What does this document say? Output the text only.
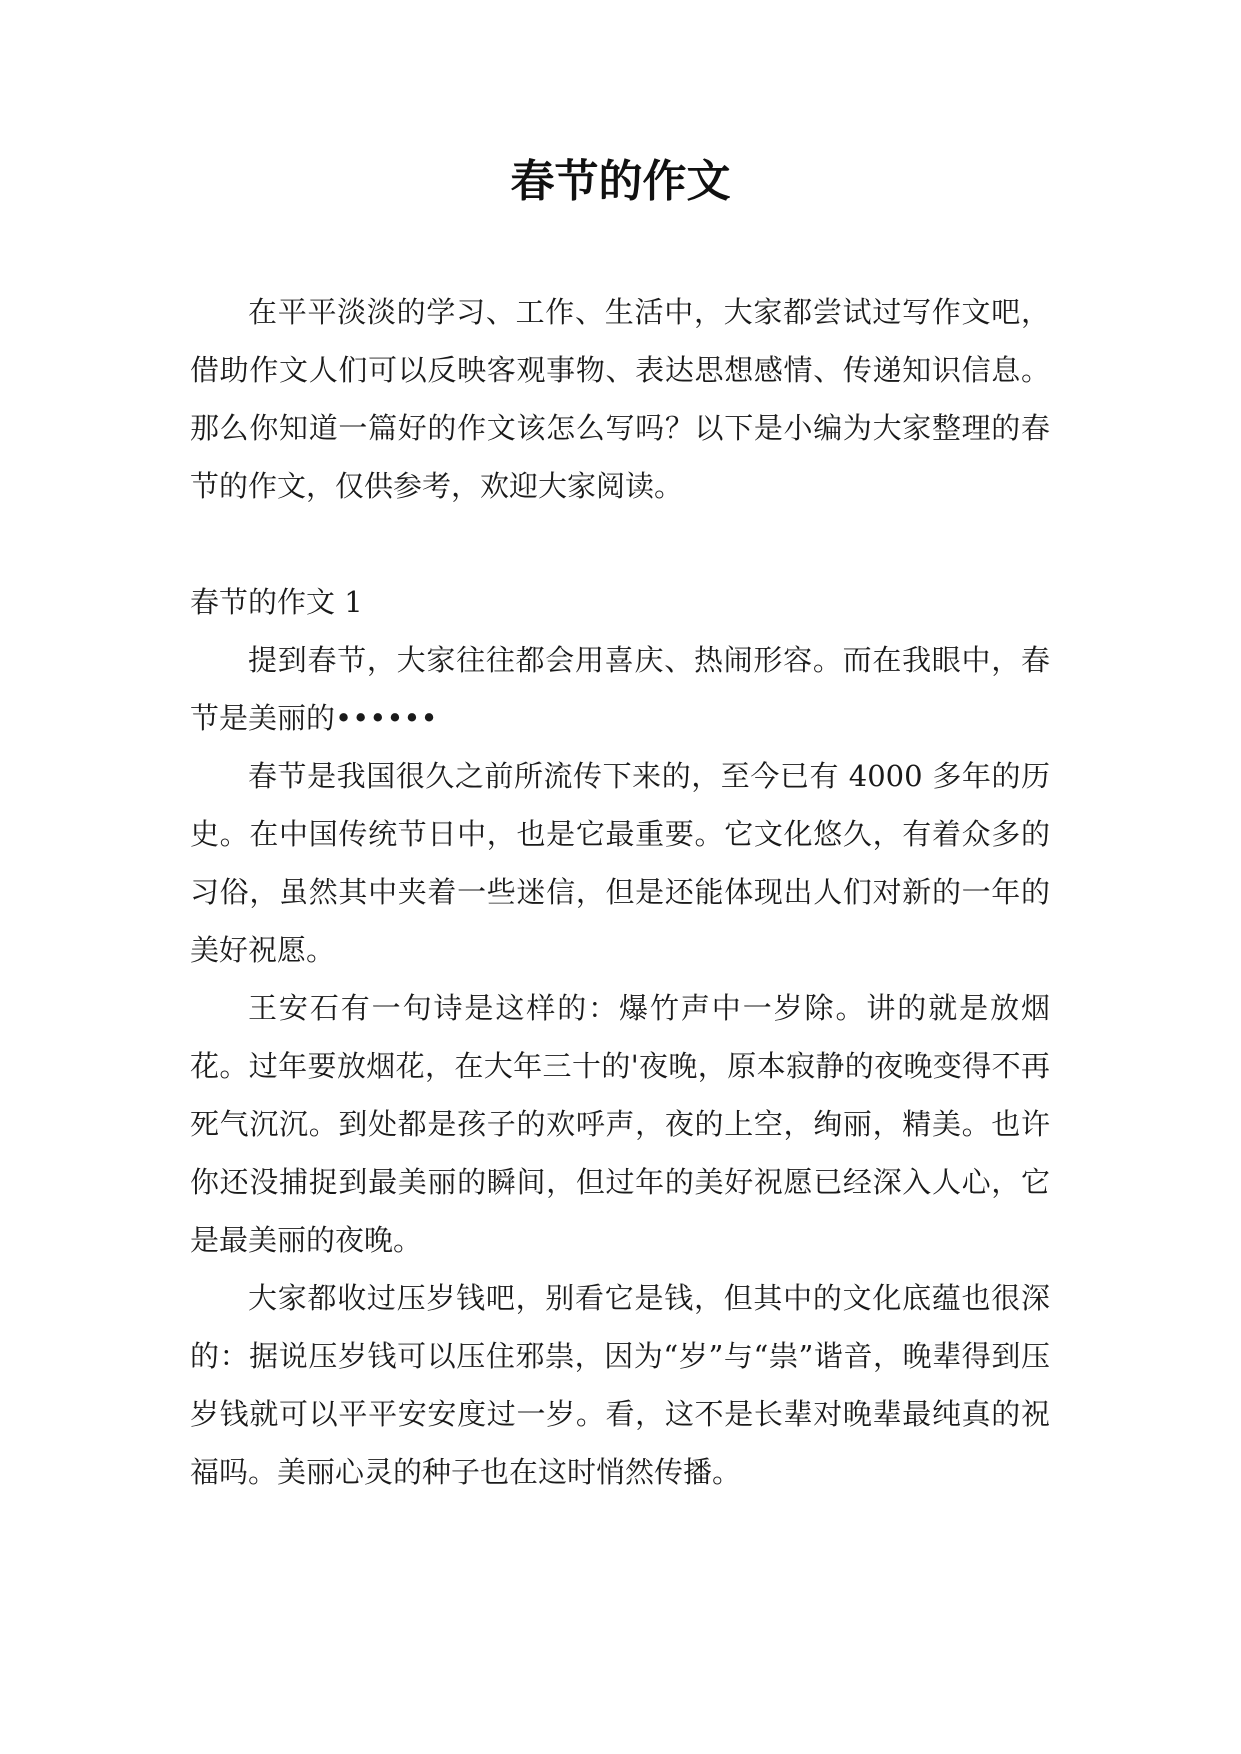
春节的作文

在平平淡淡的学习、工作、生活中，大家都尝试过写作文吧，借助作文人们可以反映客观事物、表达思想感情、传递知识信息。那么你知道一篇好的作文该怎么写吗？以下是小编为大家整理的春节的作文，仅供参考，欢迎大家阅读。

春节的作文 1

提到春节，大家往往都会用喜庆、热闹形容。而在我眼中，春节是美丽的••••••

春节是我国很久之前所流传下来的，至今已有 4000 多年的历史。在中国传统节日中，也是它最重要。它文化悠久，有着众多的习俗，虽然其中夹着一些迷信，但是还能体现出人们对新的一年的美好祝愿。

王安石有一句诗是这样的：爆竹声中一岁除。讲的就是放烟花。过年要放烟花，在大年三十的'夜晚，原本寂静的夜晚变得不再死气沉沉。到处都是孩子的欢呼声，夜的上空，绚丽，精美。也许你还没捕捉到最美丽的瞬间，但过年的美好祝愿已经深入人心，它是最美丽的夜晚。

大家都收过压岁钱吧，别看它是钱，但其中的文化底蕴也很深的：据说压岁钱可以压住邪祟，因为“岁”与“祟”谐音，晚辈得到压岁钱就可以平平安安度过一岁。看，这不是长辈对晚辈最纯真的祝福吗。美丽心灵的种子也在这时悄然传播。
